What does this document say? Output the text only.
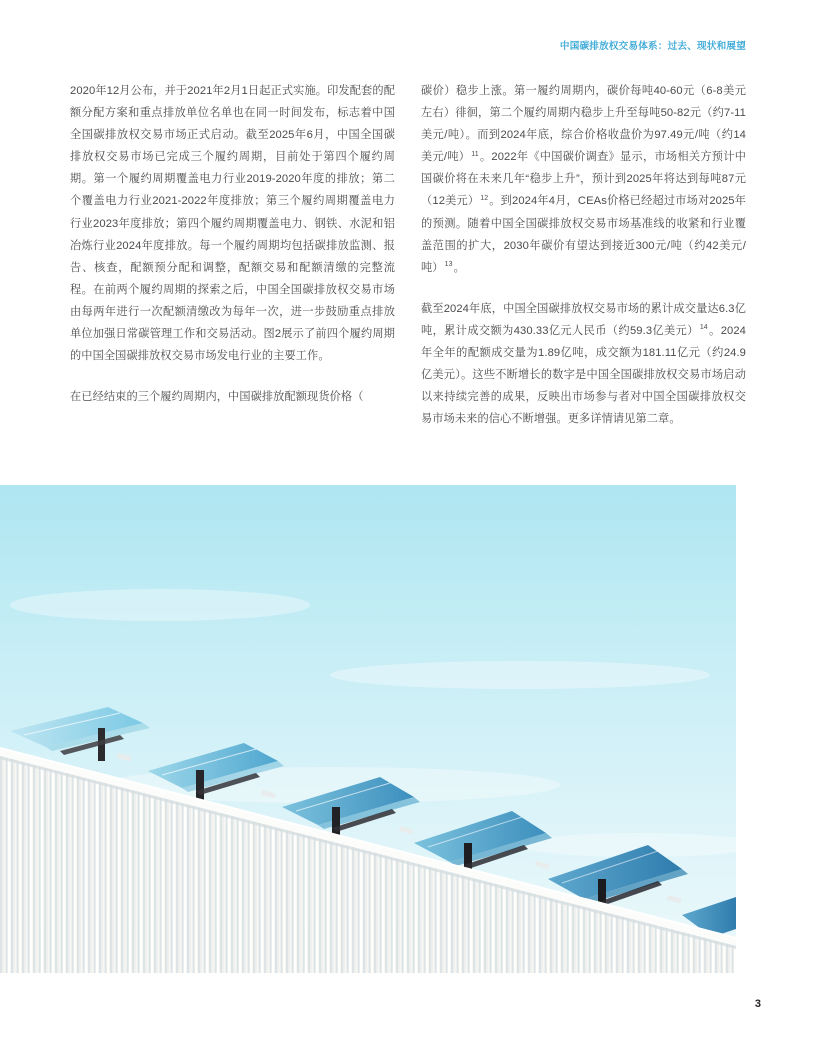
中国碳排放权交易体系：过去、现状和展望

2020年12月公布，并于2021年2月1日起正式实施。印发配套的配额分配方案和重点排放单位名单也在同一时间发布，标志着中国全国碳排放权交易市场正式启动。截至2025年6月，中国全国碳排放权交易市场已完成三个履约周期，目前处于第四个履约周期。第一个履约周期覆盖电力行业2019-2020年度的排放；第二个覆盖电力行业2021-2022年度排放；第三个履约周期覆盖电力行业2023年度排放；第四个履约周期覆盖电力、钢铁、水泥和铝冶炼行业2024年度排放。每一个履约周期均包括碳排放监测、报告、核查，配额预分配和调整，配额交易和配额清缴的完整流程。在前两个履约周期的探索之后，中国全国碳排放权交易市场由每两年进行一次配额清缴改为每年一次，进一步鼓励重点排放单位加强日常碳管理工作和交易活动。图2展示了前四个履约周期的中国全国碳排放权交易市场发电行业的主要工作。

在已经结束的三个履约周期内，中国碳排放配额现货价格（

碳价）稳步上涨。第一履约周期内，碳价每吨40-60元（6-8美元左右）徘徊，第二个履约周期内稳步上升至每吨50-82元（约7-11美元/吨）。而到2024年底，综合价格收盘价为97.49元/吨（约14美元/吨）$^{11}$。2022年《中国碳价调查》显示，市场相关方预计中国碳价将在未来几年“稳步上升”，预计到2025年将达到每吨87元（12美元）$^{12}$。到2024年4月，CEAs价格已经超过市场对2025年的预测。随着中国全国碳排放权交易市场基准线的收紧和行业覆盖范围的扩大，2030年碳价有望达到接近300元/吨（约42美元/吨）$^{13}$。

截至2024年底，中国全国碳排放权交易市场的累计成交量达6.3亿吨，累计成交额为430.33亿元人民币（约59.3亿美元）$^{14}$。2024年全年的配额成交量为1.89亿吨，成交额为181.11亿元（约24.9亿美元）。这些不断增长的数字是中国全国碳排放权交易市场启动以来持续完善的成果，反映出市场参与者对中国全国碳排放权交易市场未来的信心不断增强。更多详情请见第二章。

3
